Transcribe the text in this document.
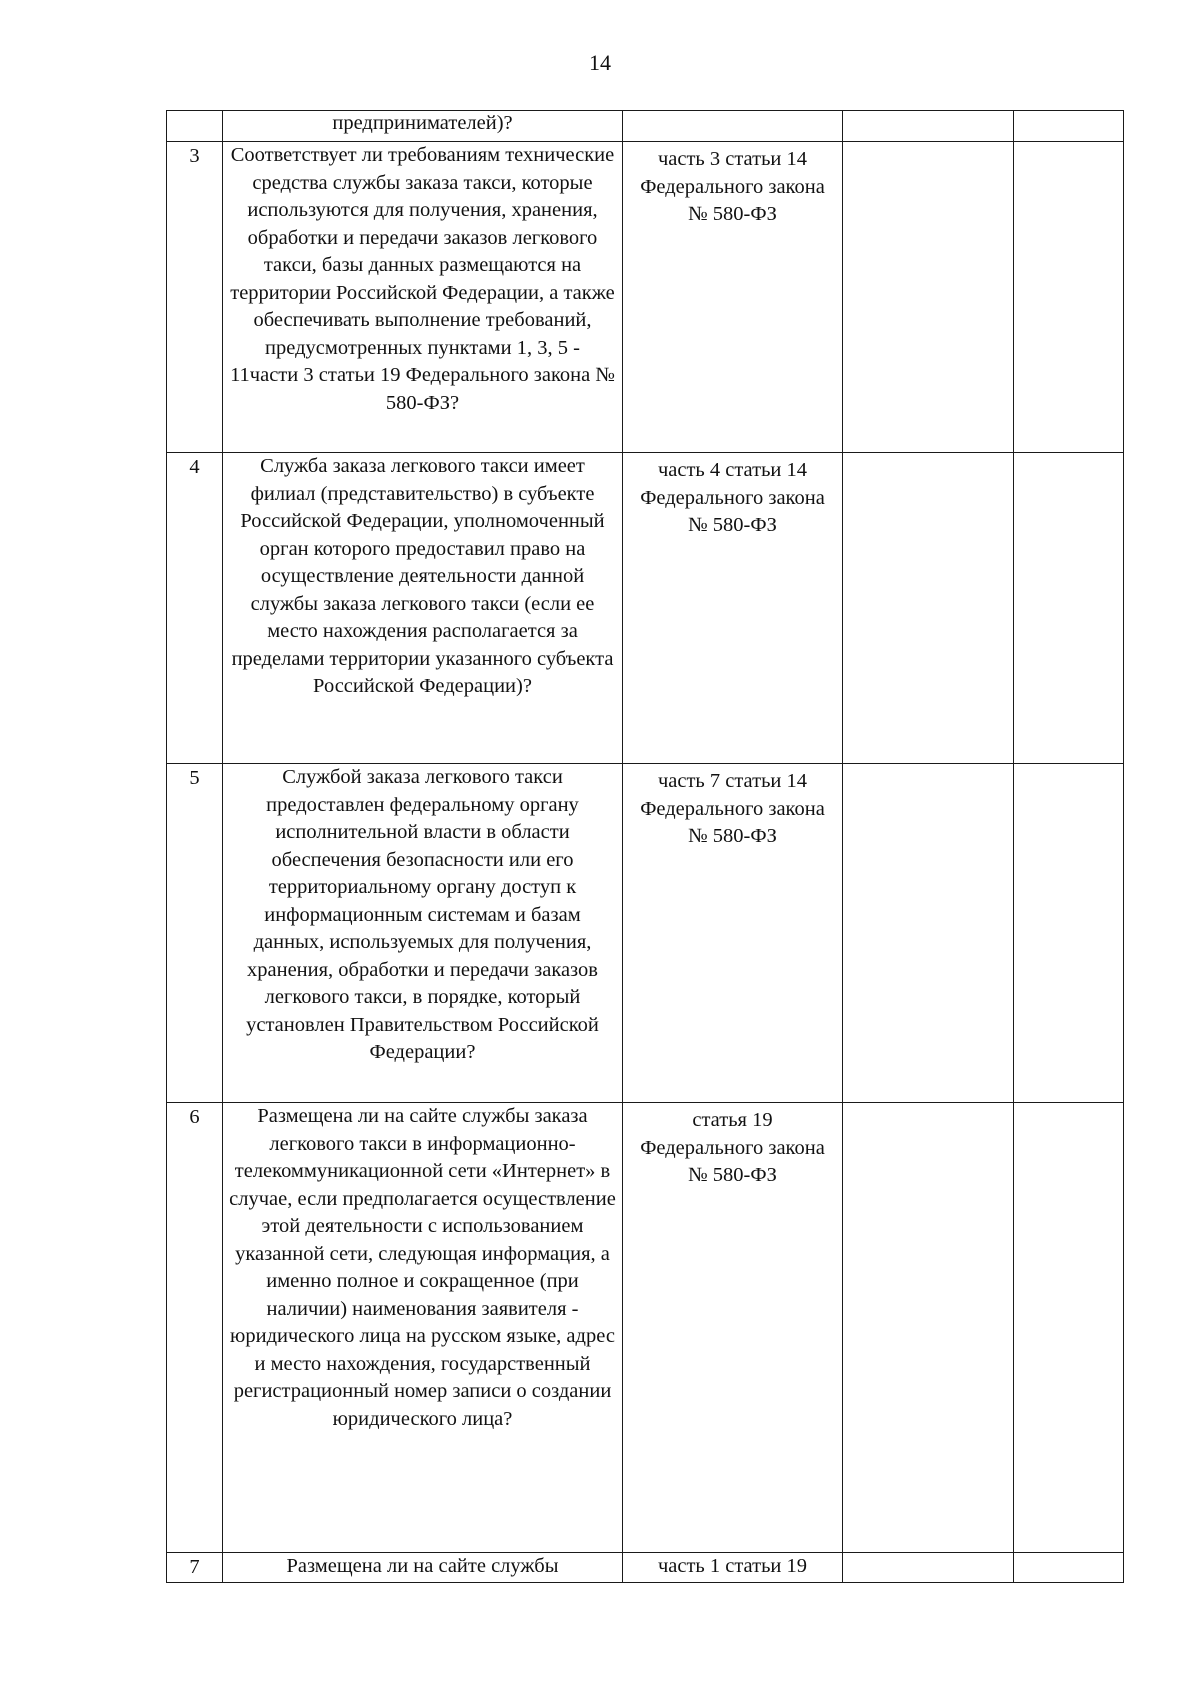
14
	предпринимателей)?			
3	Соответствует ли требованиям технические средства службы заказа такси, которые используются для получения, хранения, обработки и передачи заказов легкового такси, базы данных размещаются на территории Российской Федерации, а также обеспечивать выполнение требований, предусмотренных пунктами 1, 3, 5 - 11части 3 статьи 19 Федерального закона № 580-ФЗ?	часть 3 статьи 14 Федерального закона № 580-ФЗ		
4	Служба заказа легкового такси имеет филиал (представительство) в субъекте Российской Федерации, уполномоченный орган которого предоставил право на осуществление деятельности данной службы заказа легкового такси (если ее место нахождения располагается за пределами территории указанного субъекта Российской Федерации)?	часть 4 статьи 14 Федерального закона № 580-ФЗ		
5	Службой заказа легкового такси предоставлен федеральному органу исполнительной власти в области обеспечения безопасности или его территориальному органу доступ к информационным системам и базам данных, используемых для получения, хранения, обработки и передачи заказов легкового такси, в порядке, который установлен Правительством Российской Федерации?	часть 7 статьи 14 Федерального закона № 580-ФЗ		
6	Размещена ли на сайте службы заказа легкового такси в информационно-телекоммуникационной сети «Интернет» в случае, если предполагается осуществление этой деятельности с использованием указанной сети, следующая информация, а именно полное и сокращенное (при наличии) наименования заявителя - юридического лица на русском языке, адрес и место нахождения, государственный регистрационный номер записи о создании юридического лица?	статья 19 Федерального закона № 580-ФЗ		
7	Размещена ли на сайте службы	часть 1 статьи 19		
